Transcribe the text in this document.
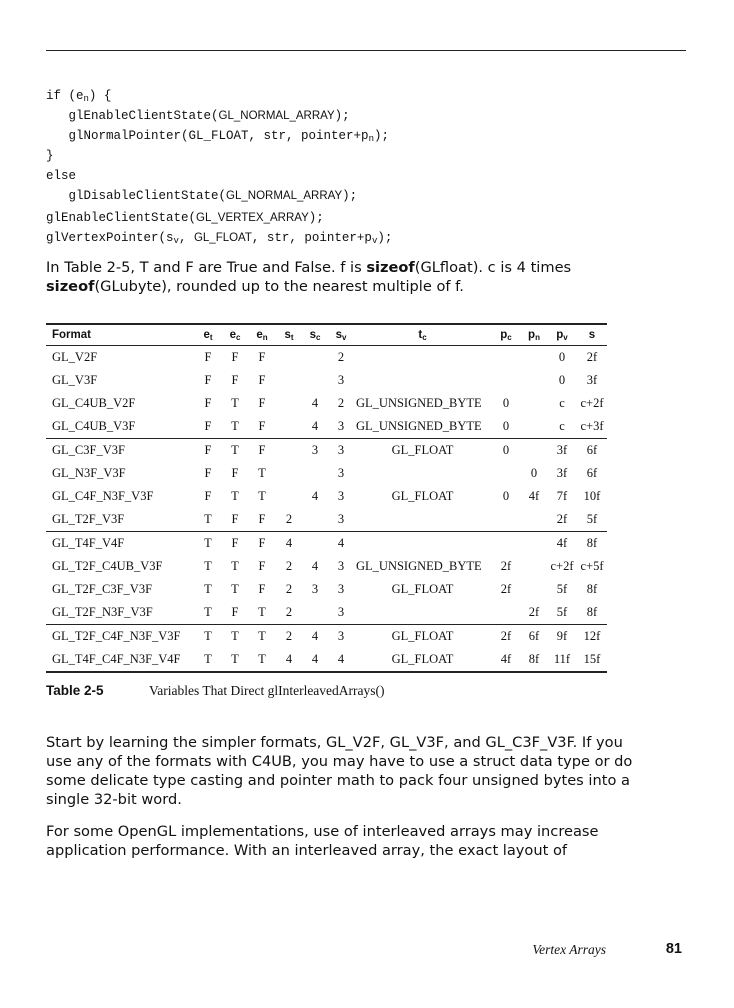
if $(e_n)$ {
glEnableClientState(GL_NORMAL_ARRAY);
glNormalPointer(GL_FLOAT, str, $pointer+p_n$);
}
else
glDisableClientState(GL_NORMAL_ARRAY);
glEnableClientState(GL_VERTEX_ARRAY);
$glVertexPointer(s_v$, GL_FLOAT, str, $pointer+p_v$);

In Table 2-5, T and F are True and False. f is sizeof(GLfloat). c is 4 times sizeof(GLubyte), rounded up to the nearest multiple of f.

Format	$e_t$	$e_c$	$e_n$	$s_t$	$s_c$	$s_v$	$t_c$	$p_c$	$p_n$	$p_v$	s
GL_V2F	F	F	F			2				0	2f
GL_V3F	F	F	F			3				0	3f
GL_C4UB_V2F	F	T	F		4	2	GL_UNSIGNED_BYTE	0		c	c+2f
GL_C4UB_V3F	F	T	F		4	3	GL_UNSIGNED_BYTE	0		c	c+3f
GL_C3F_V3F	F	T	F		3	3	GL_FLOAT	0		3f	6f
GL_N3F_V3F	F	F	T			3			0	3f	6f
GL_C4F_N3F_V3F	F	T	T		4	3	GL_FLOAT	0	4f	7f	10f
GL_T2F_V3F	T	F	F	2		3				2f	5f
GL_T4F_V4F	T	F	F	4		4				4f	8f
GL_T2F_C4UB_V3F	T	T	F	2	4	3	GL_UNSIGNED_BYTE	2f		c+2f	c+5f
GL_T2F_C3F_V3F	T	T	F	2	3	3	GL_FLOAT	2f		5f	8f
GL_T2F_N3F_V3F	T	F	T	2		3			2f	5f	8f
GL_T2F_C4F_N3F_V3F	T	T	T	2	4	3	GL_FLOAT	2f	6f	9f	12f
GL_T4F_C4F_N3F_V4F	T	T	T	4	4	4	GL_FLOAT	4f	8f	11f	15f
Table 2-5	Variables That Direct glInterleavedArrays()

Start by learning the simpler formats, GL_V2F, GL_V3F, and GL_C3F_V3F. If you use any of the formats with C4UB, you may have to use a struct data type or do some delicate type casting and pointer math to pack four unsigned bytes into a single 32-bit word.

For some OpenGL implementations, use of interleaved arrays may increase application performance. With an interleaved array, the exact layout of

Vertex Arrays	81
